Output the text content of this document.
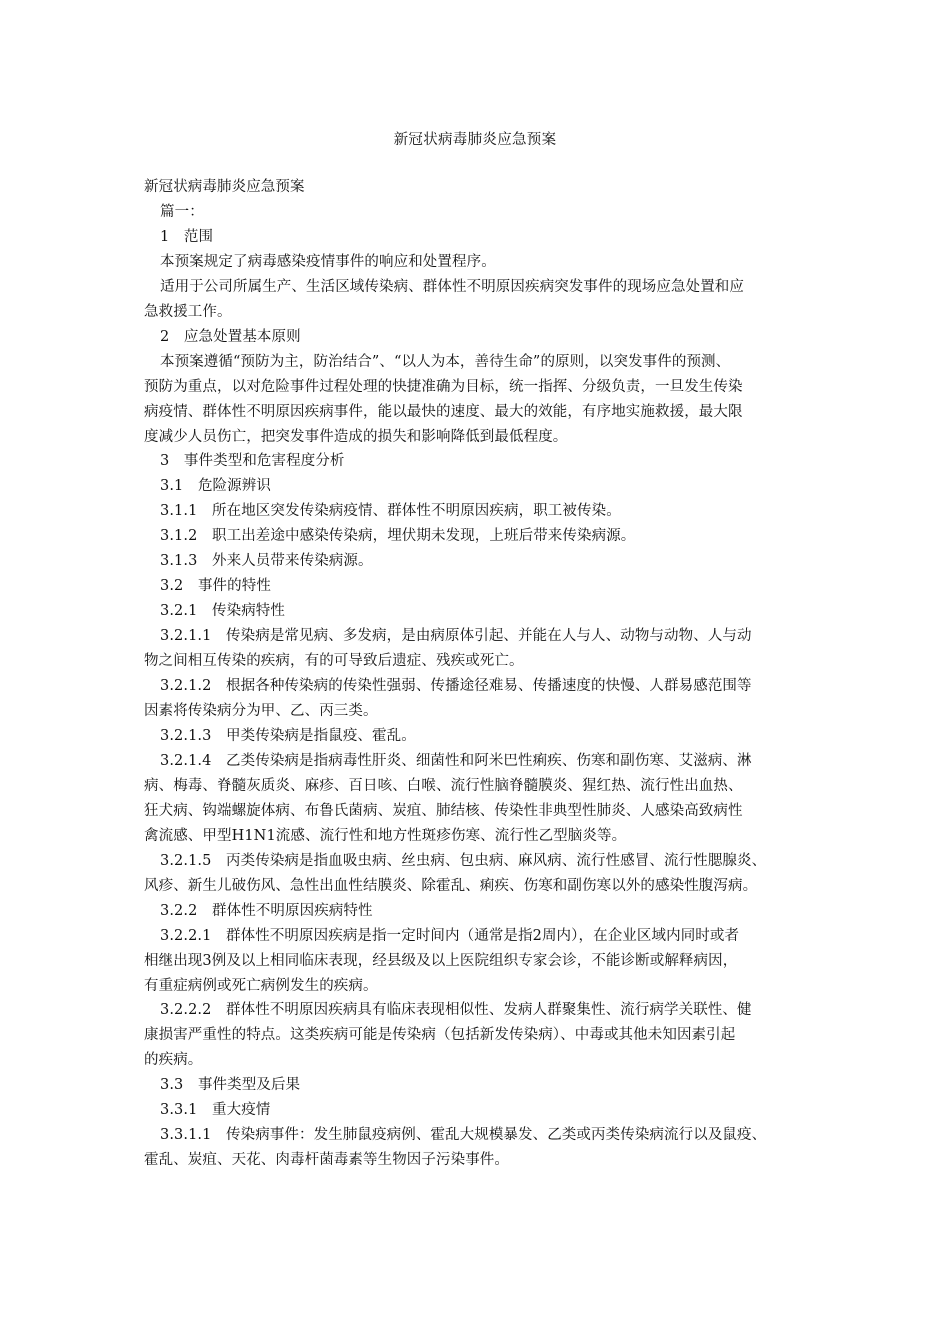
新冠状病毒肺炎应急预案
新冠状病毒肺炎应急预案
篇一：
1　范围
本预案规定了病毒感染疫情事件的响应和处置程序。
适用于公司所属生产、生活区域传染病、群体性不明原因疾病突发事件的现场应急处置和应
急救援工作。
2　应急处置基本原则
本预案遵循“预防为主，防治结合”、“以人为本，善待生命”的原则，以突发事件的预测、
预防为重点，以对危险事件过程处理的快捷准确为目标，统一指挥、分级负责，一旦发生传染
病疫情、群体性不明原因疾病事件，能以最快的速度、最大的效能，有序地实施救援，最大限
度减少人员伤亡，把突发事件造成的损失和影响降低到最低程度。
3　事件类型和危害程度分析
3.1　危险源辨识
3.1.1　所在地区突发传染病疫情、群体性不明原因疾病，职工被传染。
3.1.2　职工出差途中感染传染病，埋伏期未发现，上班后带来传染病源。
3.1.3　外来人员带来传染病源。
3.2　事件的特性
3.2.1　传染病特性
3.2.1.1　传染病是常见病、多发病，是由病原体引起、并能在人与人、动物与动物、人与动
物之间相互传染的疾病，有的可导致后遗症、残疾或死亡。
3.2.1.2　根据各种传染病的传染性强弱、传播途径难易、传播速度的快慢、人群易感范围等
因素将传染病分为甲、乙、丙三类。
3.2.1.3　甲类传染病是指鼠疫、霍乱。
3.2.1.4　乙类传染病是指病毒性肝炎、细菌性和阿米巴性痢疾、伤寒和副伤寒、艾滋病、淋
病、梅毒、脊髓灰质炎、麻疹、百日咳、白喉、流行性脑脊髓膜炎、猩红热、流行性出血热、
狂犬病、钩端螺旋体病、布鲁氏菌病、炭疽、肺结核、传染性非典型性肺炎、人感染高致病性
禽流感、甲型H1N1流感、流行性和地方性斑疹伤寒、流行性乙型脑炎等。
3.2.1.5　丙类传染病是指血吸虫病、丝虫病、包虫病、麻风病、流行性感冒、流行性腮腺炎、
风疹、新生儿破伤风、急性出血性结膜炎、除霍乱、痢疾、伤寒和副伤寒以外的感染性腹泻病。
3.2.2　群体性不明原因疾病特性
3.2.2.1　群体性不明原因疾病是指一定时间内（通常是指2周内），在企业区域内同时或者
相继出现3例及以上相同临床表现，经县级及以上医院组织专家会诊，不能诊断或解释病因，
有重症病例或死亡病例发生的疾病。
3.2.2.2　群体性不明原因疾病具有临床表现相似性、发病人群聚集性、流行病学关联性、健
康损害严重性的特点。这类疾病可能是传染病（包括新发传染病）、中毒或其他未知因素引起
的疾病。
3.3　事件类型及后果
3.3.1　重大疫情
3.3.1.1　传染病事件：发生肺鼠疫病例、霍乱大规模暴发、乙类或丙类传染病流行以及鼠疫、
霍乱、炭疽、天花、肉毒杆菌毒素等生物因子污染事件。
